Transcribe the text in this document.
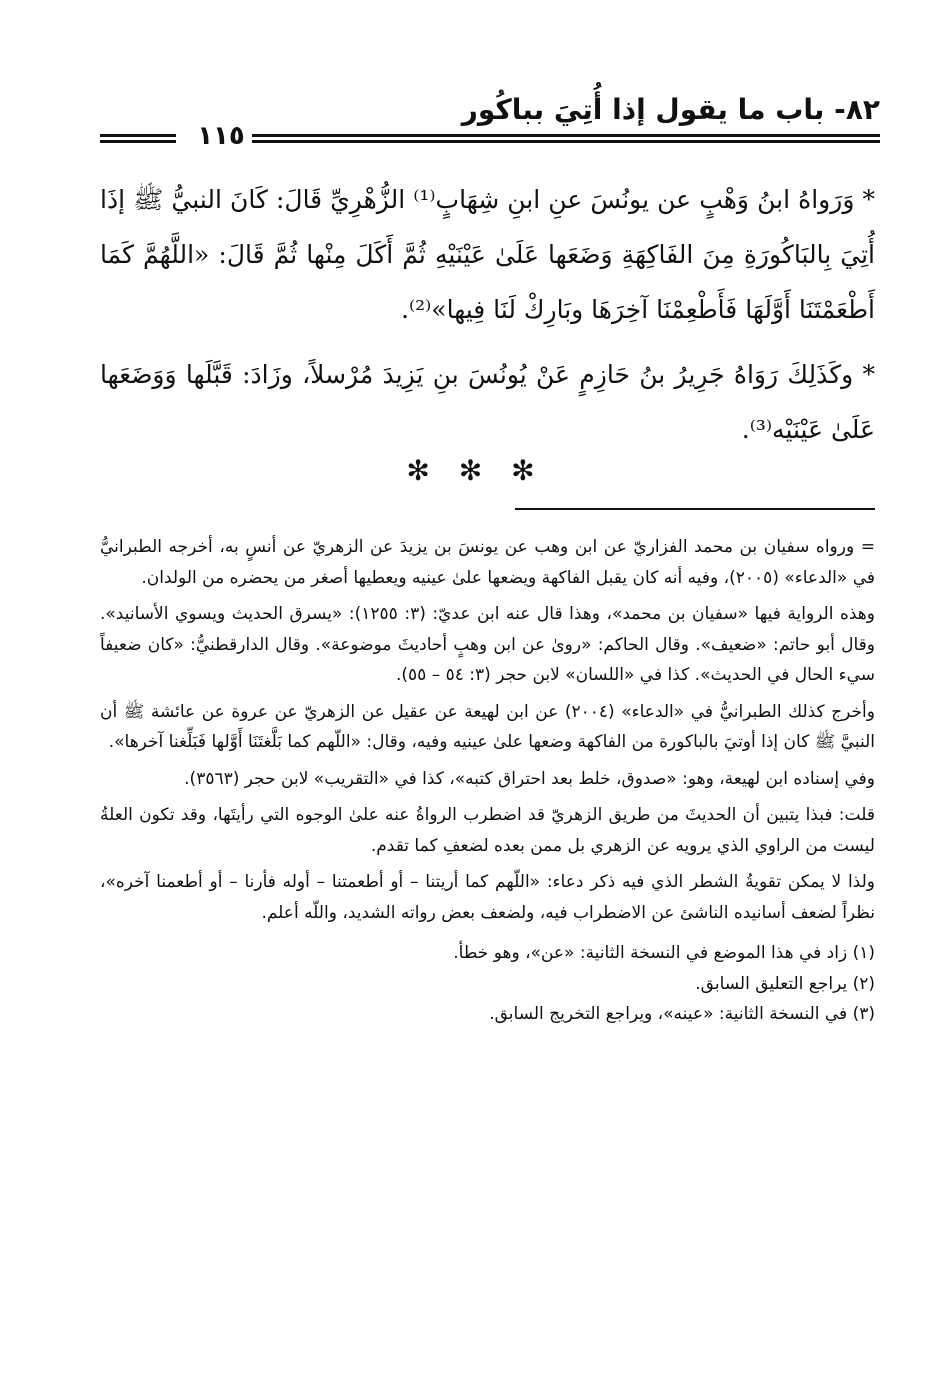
٨٢- باب ما يقول إذا أُتِيَ بباكُور
١١٥

* وَرَواهُ ابنُ وَهْبٍ عن يونُسَ عنِ ابنِ شِهَابٍ⁽¹⁾ الزُّهْرِيِّ قَالَ: كَانَ النبيُّ ﷺ إذَا أُتِيَ بِالبَاكُورَةِ مِنَ الفَاكِهَةِ وَضَعَها عَلَىٰ عَيْنَيْهِ ثُمَّ أَكَلَ مِنْها ثُمَّ قَالَ: «اللَّهُمَّ كَمَا أَطْعَمْتَنَا أَوَّلَهَا فَأَطْعِمْنَا آخِرَهَا وبَارِكْ لَنَا فِيها»⁽²⁾.

* وكَذَلِكَ رَوَاهُ جَرِيرُ بنُ حَازِمٍ عَنْ يُونُسَ بنِ يَزِيدَ مُرْسلاً، وزَادَ: قَبَّلَها وَوَضَعَها عَلَىٰ عَيْنَيْه⁽³⁾.

✻ ✻ ✻

= ورواه سفيان بن محمد الفزاريّ عن ابن وهب عن يونسَ بن يزيدَ عن الزهريّ عن أنسٍ به، أخرجه الطبرانيُّ في «الدعاء» (٢٠٠٥)، وفيه أنه كان يقبل الفاكهة ويضعها علىٰ عينيه ويعطيها أصغر من يحضره من الولدان.

وهذه الرواية فيها «سفيان بن محمد»، وهذا قال عنه ابن عديّ: (٣: ١٢٥٥): «يسرق الحديث ويسوي الأسانيد». وقال أبو حاتم: «ضعيف». وقال الحاكم: «روىٰ عن ابن وهبٍ أحاديثَ موضوعة». وقال الدارقطنيُّ: «كان ضعيفاً سيء الحال في الحديث». كذا في «اللسان» لابن حجر (٣: ٥٤ – ٥٥).

وأخرج كذلك الطبرانيُّ في «الدعاء» (٢٠٠٤) عن ابن لهيعة عن عقيل عن الزهريّ عن عروة عن عائشة ﷺ أن النبيَّ ﷺ كان إذا أوتيَ بالباكورة من الفاكهة وضعها علىٰ عينيه وفيه، وقال: «اللّهم كما بَلَّغتَنَا أَوَّلها فَبَلِّغنا آخرها».

وفي إسناده ابن لهيعة، وهو: «صدوق، خلط بعد احتراق كتبه»، كذا في «التقريب» لابن حجر (٣٥٦٣).

قلت: فبذا يتبين أن الحديثَ من طريق الزهريّ قد اضطرب الرواةُ عنه علىٰ الوجوه التي رأيتَها، وقد تكون العلةُ ليست من الراوي الذي يرويه عن الزهري بل ممن بعده لضعفِ كما تقدم.

ولذا لا يمكن تقويةُ الشطر الذي فيه ذكر دعاء: «اللّهم كما أريتنا – أو أطعمتنا – أوله فأرنا – أو أطعمنا آخره»، نظراً لضعف أسانيده الناشئ عن الاضطراب فيه، ولضعف بعض رواته الشديد، واللّه أعلم.

(١) زاد في هذا الموضع في النسخة الثانية: «عن»، وهو خطأ.
(٢) يراجع التعليق السابق.
(٣) في النسخة الثانية: «عينه»، ويراجع التخريج السابق.
